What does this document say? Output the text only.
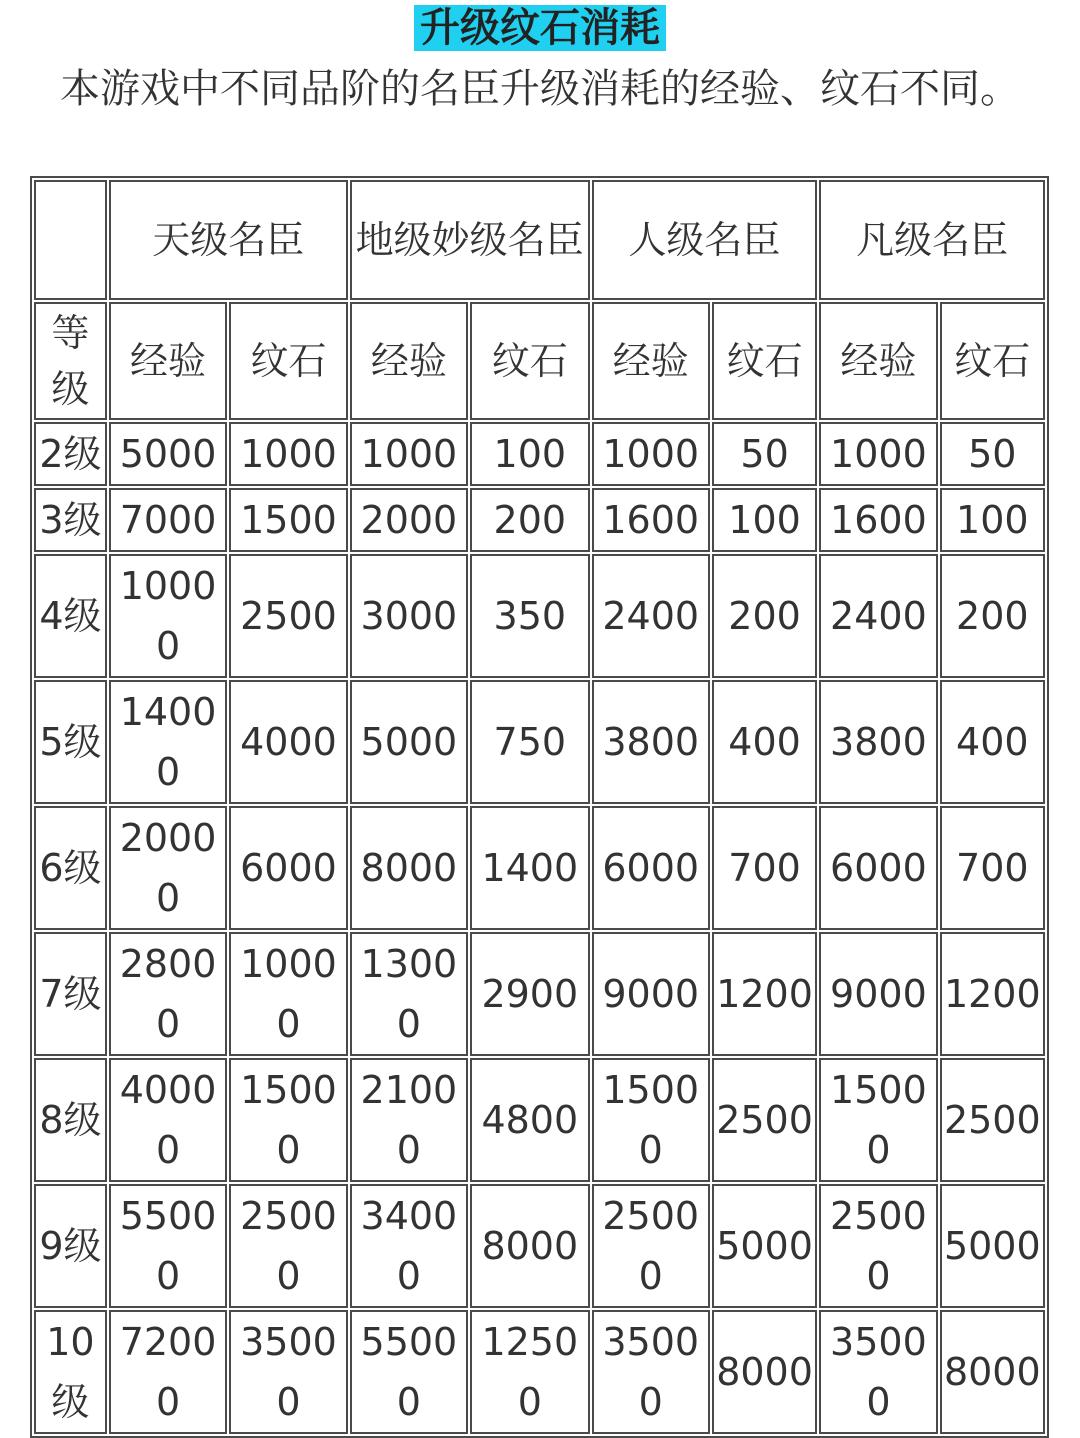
升级纹石消耗
本游戏中不同品阶的名臣升级消耗的经验、纹石不同。
	天级名臣		地级妙级名臣		人级名臣		凡级名臣	
等级	经验	纹石	经验	纹石	经验	纹石	经验	纹石
2级	5000	1000	1000	100	1000	50	1000	50
3级	7000	1500	2000	200	1600	100	1600	100
4级	10000	2500	3000	350	2400	200	2400	200
5级	14000	4000	5000	750	3800	400	3800	400
6级	20000	6000	8000	1400	6000	700	6000	700
7级	28000	10000	13000	2900	9000	1200	9000	1200
8级	40000	15000	21000	4800	15000	2500	15000	2500
9级	55000	25000	34000	8000	25000	5000	25000	5000
10级	72000	35000	55000	12500	35000	8000	35000	8000
